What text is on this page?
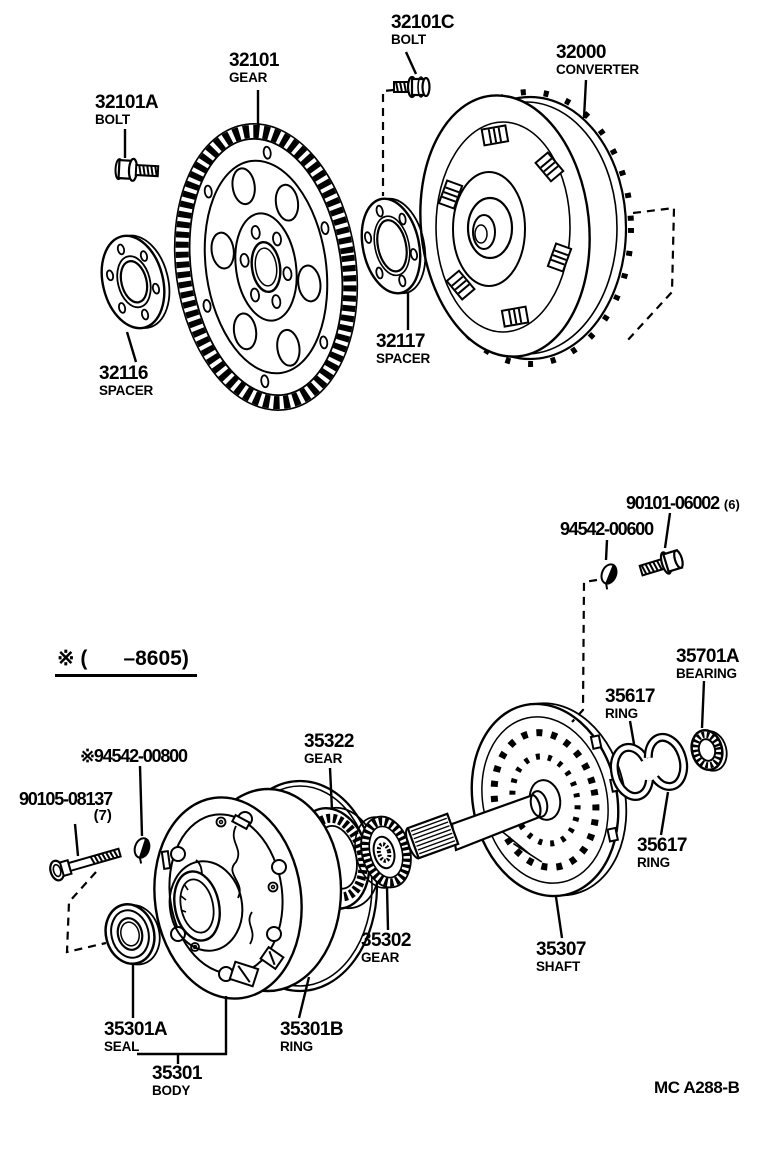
32101C
BOLT
32101
GEAR
32000
CONVERTER
32101A
BOLT
32116
SPACER
32117
SPACER
90101-06002 (6)
94542-00600
※ ( –8605)	35701A
BEARING
35617
RING
※94542-00800
90105-08137
(7)
35322
GEAR
35617
RING
35302
GEAR	35307
SHAFT
35301A
SEAL
35301B
RING
35301
BODY	MC A288-B
